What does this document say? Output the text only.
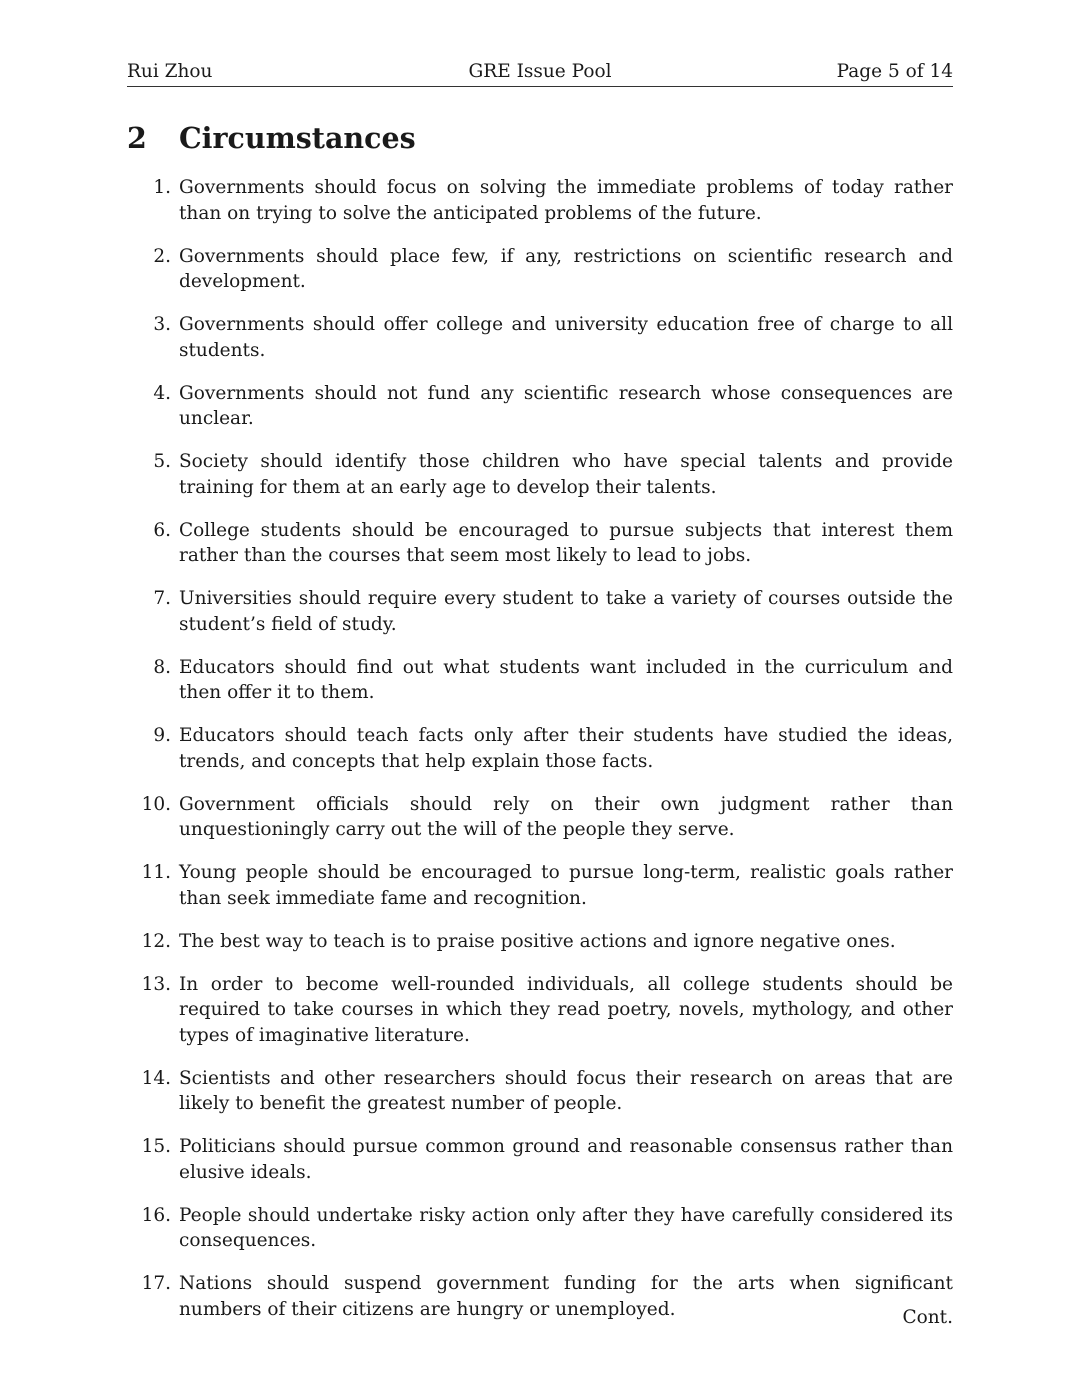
Rui Zhou	GRE Issue Pool	Page 5 of 14
2	Circumstances
1. Governments should focus on solving the immediate problems of today rather than on trying to solve the anticipated problems of the future.
2. Governments should place few, if any, restrictions on scientific research and development.
3. Governments should offer college and university education free of charge to all students.
4. Governments should not fund any scientific research whose consequences are unclear.
5. Society should identify those children who have special talents and provide training for them at an early age to develop their talents.
6. College students should be encouraged to pursue subjects that interest them rather than the courses that seem most likely to lead to jobs.
7. Universities should require every student to take a variety of courses outside the student’s field of study.
8. Educators should find out what students want included in the curriculum and then offer it to them.
9. Educators should teach facts only after their students have studied the ideas, trends, and concepts that help explain those facts.
10. Government officials should rely on their own judgment rather than unquestioningly carry out the will of the people they serve.
11. Young people should be encouraged to pursue long-term, realistic goals rather than seek immediate fame and recognition.
12. The best way to teach is to praise positive actions and ignore negative ones.
13. In order to become well-rounded individuals, all college students should be required to take courses in which they read poetry, novels, mythology, and other types of imaginative literature.
14. Scientists and other researchers should focus their research on areas that are likely to benefit the greatest number of people.
15. Politicians should pursue common ground and reasonable consensus rather than elusive ideals.
16. People should undertake risky action only after they have carefully considered its consequences.
17. Nations should suspend government funding for the arts when significant numbers of their citizens are hungry or unemployed.	Cont.
